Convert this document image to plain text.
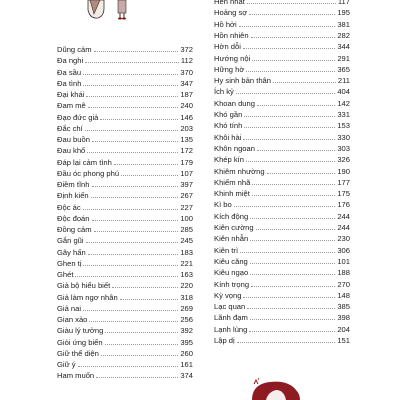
Dũng cảm	372
Đa nghi	112
Đa sầu	370
Đa tình	347
Đại khái	187
Đam mê	240
Đạo đức giả	146
Đắc chí	203
Đau buồn	135
Đau khổ	172
Đáp lại cảm tình	179
Đầu óc phong phú	107
Điềm tĩnh	397
Định kiến	267
Độc ác	227
Độc đoán	100
Đồng cảm	285
Gắn gũi	245
Gây hấn	183
Ghen tị	221
Ghét	163
Giả bộ hiểu biết	220
Giả làm ngơ nhân	318
Giả nai	269
Gian xảo	256
Giàu lý tưởng	392
Giỏi ứng biến	395
Giữ thể diện	260
Giữ ý	161
Ham muốn	374
Hèn nhát	117
Hoảng sợ	195
Hồ hởi	381
Hồn nhiên	282
Hờn dỗi	344
Hướng nội	291
Hững hờ	365
Hy sinh bản thân	211
Ích kỷ	404
Khoan dung	142
Khó gần	331
Khó tính	153
Khôi hài	330
Khôn ngoan	303
Khép kín	326
Khiêm nhường	190
Khiếm nhã	177
Khinh miệt	175
Kì bo	176
Kích động	244
Kiên cường	244
Kiên nhẫn	230
Kiên trì	306
Kiêu căng	101
Kiêu ngạo	188
Kính trọng	270
Kỳ vọng	148
Lạc quan	385
Lãnh đạm	398
Lạnh lùng	204
Lập dị	151
